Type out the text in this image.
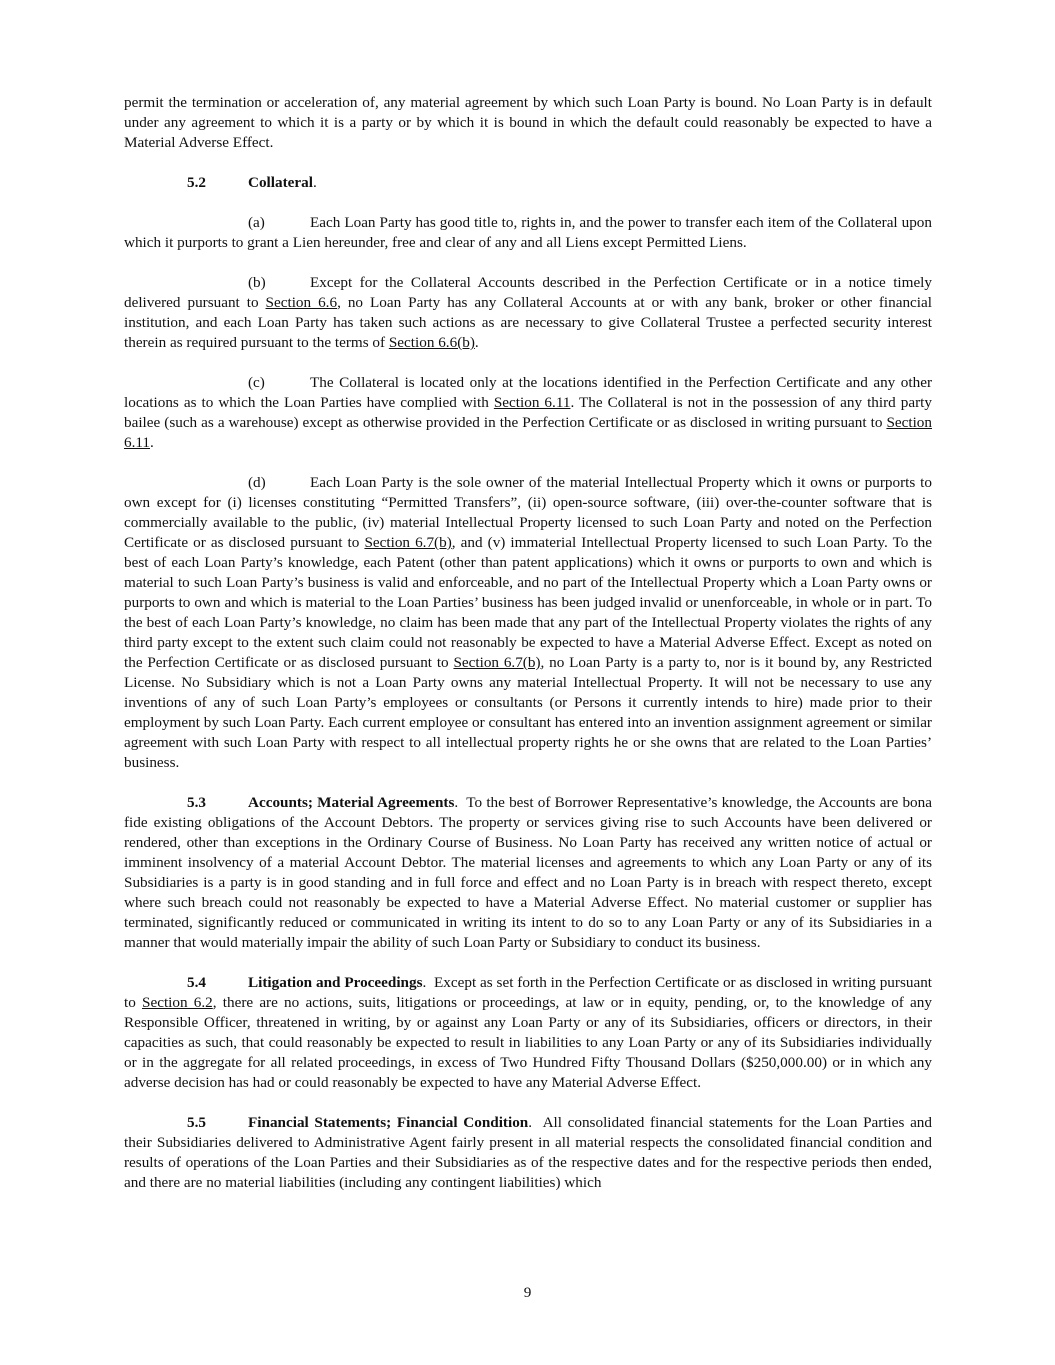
permit the termination or acceleration of, any material agreement by which such Loan Party is bound. No Loan Party is in default under any agreement to which it is a party or by which it is bound in which the default could reasonably be expected to have a Material Adverse Effect.

5.2	Collateral.

(a)	Each Loan Party has good title to, rights in, and the power to transfer each item of the Collateral upon which it purports to grant a Lien hereunder, free and clear of any and all Liens except Permitted Liens.

(b)	Except for the Collateral Accounts described in the Perfection Certificate or in a notice timely delivered pursuant to Section 6.6, no Loan Party has any Collateral Accounts at or with any bank, broker or other financial institution, and each Loan Party has taken such actions as are necessary to give Collateral Trustee a perfected security interest therein as required pursuant to the terms of Section 6.6(b).

(c)	The Collateral is located only at the locations identified in the Perfection Certificate and any other locations as to which the Loan Parties have complied with Section 6.11. The Collateral is not in the possession of any third party bailee (such as a warehouse) except as otherwise provided in the Perfection Certificate or as disclosed in writing pursuant to Section 6.11.

(d)	Each Loan Party is the sole owner of the material Intellectual Property which it owns or purports to own except for (i) licenses constituting “Permitted Transfers”, (ii) open-source software, (iii) over-the-counter software that is commercially available to the public, (iv) material Intellectual Property licensed to such Loan Party and noted on the Perfection Certificate or as disclosed pursuant to Section 6.7(b), and (v) immaterial Intellectual Property licensed to such Loan Party. To the best of each Loan Party’s knowledge, each Patent (other than patent applications) which it owns or purports to own and which is material to such Loan Party’s business is valid and enforceable, and no part of the Intellectual Property which a Loan Party owns or purports to own and which is material to the Loan Parties’ business has been judged invalid or unenforceable, in whole or in part. To the best of each Loan Party’s knowledge, no claim has been made that any part of the Intellectual Property violates the rights of any third party except to the extent such claim could not reasonably be expected to have a Material Adverse Effect. Except as noted on the Perfection Certificate or as disclosed pursuant to Section 6.7(b), no Loan Party is a party to, nor is it bound by, any Restricted License. No Subsidiary which is not a Loan Party owns any material Intellectual Property. It will not be necessary to use any inventions of any of such Loan Party’s employees or consultants (or Persons it currently intends to hire) made prior to their employment by such Loan Party. Each current employee or consultant has entered into an invention assignment agreement or similar agreement with such Loan Party with respect to all intellectual property rights he or she owns that are related to the Loan Parties’ business.

5.3	Accounts; Material Agreements.  To the best of Borrower Representative’s knowledge, the Accounts are bona fide existing obligations of the Account Debtors. The property or services giving rise to such Accounts have been delivered or rendered, other than exceptions in the Ordinary Course of Business. No Loan Party has received any written notice of actual or imminent insolvency of a material Account Debtor. The material licenses and agreements to which any Loan Party or any of its Subsidiaries is a party is in good standing and in full force and effect and no Loan Party is in breach with respect thereto, except where such breach could not reasonably be expected to have a Material Adverse Effect. No material customer or supplier has terminated, significantly reduced or communicated in writing its intent to do so to any Loan Party or any of its Subsidiaries in a manner that would materially impair the ability of such Loan Party or Subsidiary to conduct its business.

5.4	Litigation and Proceedings.  Except as set forth in the Perfection Certificate or as disclosed in writing pursuant to Section 6.2, there are no actions, suits, litigations or proceedings, at law or in equity, pending, or, to the knowledge of any Responsible Officer, threatened in writing, by or against any Loan Party or any of its Subsidiaries, officers or directors, in their capacities as such, that could reasonably be expected to result in liabilities to any Loan Party or any of its Subsidiaries individually or in the aggregate for all related proceedings, in excess of Two Hundred Fifty Thousand Dollars ($250,000.00) or in which any adverse decision has had or could reasonably be expected to have any Material Adverse Effect.

5.5	Financial Statements; Financial Condition.  All consolidated financial statements for the Loan Parties and their Subsidiaries delivered to Administrative Agent fairly present in all material respects the consolidated financial condition and results of operations of the Loan Parties and their Subsidiaries as of the respective dates and for the respective periods then ended, and there are no material liabilities (including any contingent liabilities) which

9
